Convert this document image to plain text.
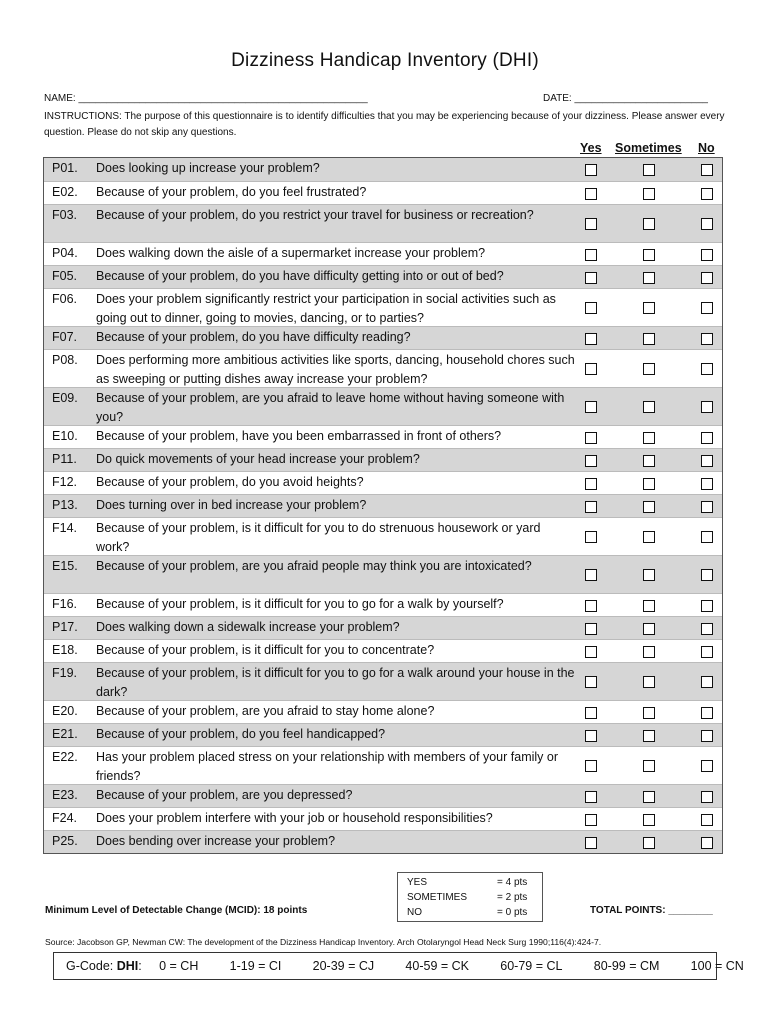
Dizziness Handicap Inventory (DHI)
NAME: ____________________________________________________	DATE: ________________________
INSTRUCTIONS: The purpose of this questionnaire is to identify difficulties that you may be experiencing because of your dizziness. Please answer every question. Please do not skip any questions.
Yes Sometimes No
P01.	Does looking up increase your problem?
E02.	Because of your problem, do you feel frustrated?
F03.	Because of your problem, do you restrict your travel for business or recreation?
P04.	Does walking down the aisle of a supermarket increase your problem?
F05.	Because of your problem, do you have difficulty getting into or out of bed?
F06.	Does your problem significantly restrict your participation in social activities such as going out to dinner, going to movies, dancing, or to parties?
F07.	Because of your problem, do you have difficulty reading?
P08.	Does performing more ambitious activities like sports, dancing, household chores such as sweeping or putting dishes away increase your problem?
E09.	Because of your problem, are you afraid to leave home without having someone with you?
E10.	Because of your problem, have you been embarrassed in front of others?
P11.	Do quick movements of your head increase your problem?
F12.	Because of your problem, do you avoid heights?
P13.	Does turning over in bed increase your problem?
F14.	Because of your problem, is it difficult for you to do strenuous housework or yard work?
E15.	Because of your problem, are you afraid people may think you are intoxicated?
F16.	Because of your problem, is it difficult for you to go for a walk by yourself?
P17.	Does walking down a sidewalk increase your problem?
E18.	Because of your problem, is it difficult for you to concentrate?
F19.	Because of your problem, is it difficult for you to go for a walk around your house in the dark?
E20.	Because of your problem, are you afraid to stay home alone?
E21.	Because of your problem, do you feel handicapped?
E22.	Has your problem placed stress on your relationship with members of your family or friends?
E23.	Because of your problem, are you depressed?
F24.	Does your problem interfere with your job or household responsibilities?
P25.	Does bending over increase your problem?
YES	= 4 pts
SOMETIMES	= 2 pts
NO	= 0 pts
Minimum Level of Detectable Change (MCID): 18 points	TOTAL POINTS: ________
Source: Jacobson GP, Newman CW: The development of the Dizziness Handicap Inventory. Arch Otolaryngol Head Neck Surg 1990;116(4):424-7.
G-Code: DHI : 0 = CH
	1-19 = CI
	20-39 = CJ
	40-59 = CK
	60-79 = CL
	80-99 = CM
	100 = CN
